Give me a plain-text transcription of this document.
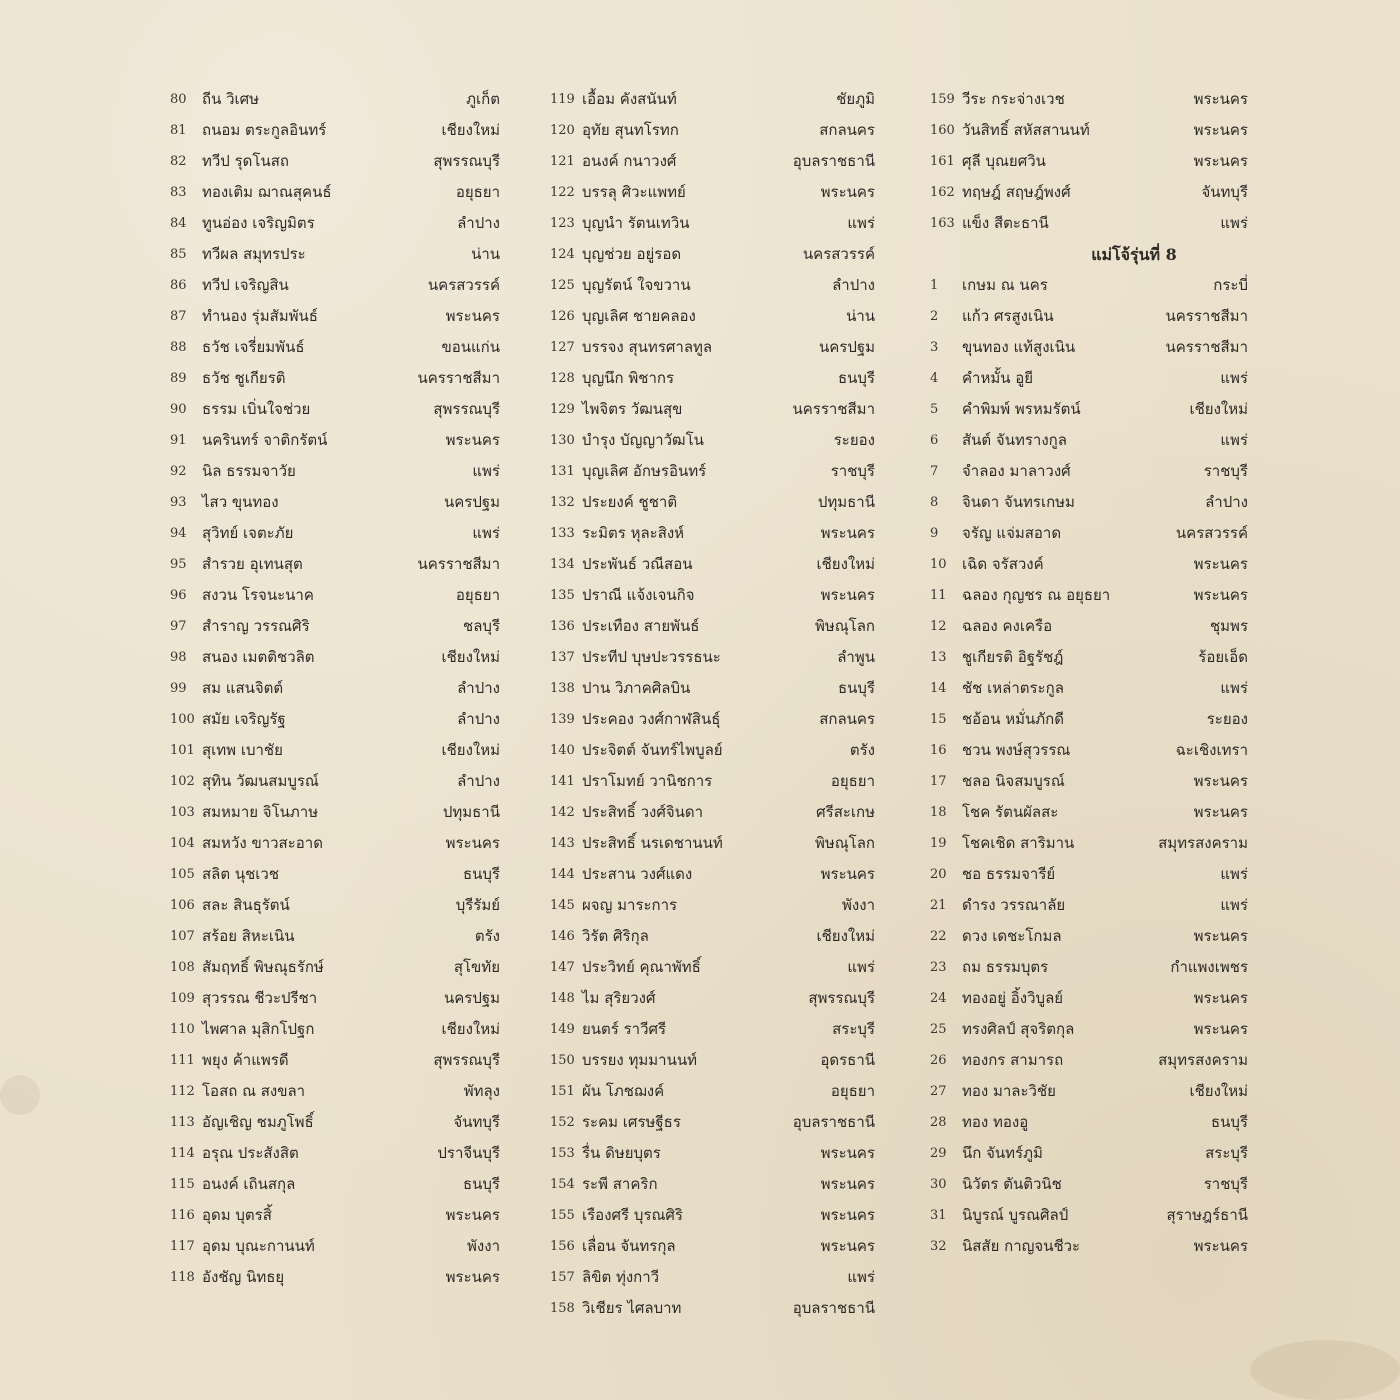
80	ถีน วิเศษ	ภูเก็ต
81	ถนอม ตระกูลอินทร์	เชียงใหม่
82	ทวีป รุดโนสถ	สุพรรณบุรี
83	ทองเติม ฌาณสุคนธ์	อยุธยา
84	ทูนอ่อง เจริญมิตร	ลำปาง
85	ทวีผล สมุทรประ	น่าน
86	ทวีป เจริญสิน	นครสวรรค์
87	ทำนอง รุ่มสัมพันธ์	พระนคร
88	ธวัช เจรี่ยมพันธ์	ขอนแก่น
89	ธวัช ชูเกียรติ	นครราชสีมา
90	ธรรม เบิ่นใจช่วย	สุพรรณบุรี
91	นครินทร์ จาติกรัตน์	พระนคร
92	นิล ธรรมจาวัย	แพร่
93	ไสว ขุนทอง	นครปฐม
94	สุวิทย์ เจตะภัย	แพร่
95	สำรวย อุเทนสุต	นครราชสีมา
96	สงวน โรจนะนาค	อยุธยา
97	สำราญ วรรณศิริ	ชลบุรี
98	สนอง เมตติชวลิต	เชียงใหม่
99	สม แสนจิตต์	ลำปาง
100 สมัย เจริญรัฐ	ลำปาง
101 สุเทพ เบาชัย	เชียงใหม่
102 สุทิน วัฒนสมบูรณ์	ลำปาง
103 สมหมาย จิโนภาษ	ปทุมธานี
104 สมหวัง ขาวสะอาด	พระนคร
105 สลิต นุชเวช	ธนบุรี
106 สละ สินธุรัตน์	บุรีรัมย์
107 สร้อย สิหะเนิน	ตรัง
108 สัมฤทธิ์ พิษณุธรักษ์	สุโขทัย
109 สุวรรณ ชีวะปรีชา	นครปฐม
110 ไพศาล มุสิกโปฐก	เชียงใหม่
111 พยุง ค้าแพรดี	สุพรรณบุรี
112 โอสถ ณ สงขลา	พัทลุง
113 อัญเชิญ ชมภูโพธิ์	จันทบุรี
114 อรุณ ประสังสิต	ปราจีนบุรี
115 อนงค์ เถินสกุล	ธนบุรี
116 อุดม บุตรสิ้	พระนคร
117 อุดม บุณะกานนท์	พังงา
118 อังชัญ นิทธยุ	พระนคร
119 เอื้อม คังสนันท์	ชัยภูมิ
120 อุทัย สุนทโรทก	สกลนคร
121 อนงค์ กนาวงศ์	อุบลราชธานี
122 บรรลุ ศิวะแพทย์	พระนคร
123 บุญนำ รัตนเทวิน	แพร่
124 บุญช่วย อยู่รอด	นครสวรรค์
125 บุญรัตน์ ใจขวาน	ลำปาง
126 บุญเลิศ ชายคลอง	น่าน
127 บรรจง สุนทรศาลทูล	นครปฐม
128 บุญนึก พิชากร	ธนบุรี
129 ไพจิตร วัฒนสุข	นครราชสีมา
130 บำรุง บัญญาวัฒโน	ระยอง
131 บุญเลิศ อักษรอินทร์	ราชบุรี
132 ประยงค์ ชูชาติ	ปทุมธานี
133 ระมิตร หุละสิงห์	พระนคร
134 ประพันธ์ วณีสอน	เชียงใหม่
135 ปราณี แจ้งเจนกิจ	พระนคร
136 ประเทือง สายพันธ์	พิษณุโลก
137 ประทีป บุษปะวรรธนะ	ลำพูน
138 ปาน วิภาคศิลบิน	ธนบุรี
139 ประคอง วงศ์กาฬสินธุ์	สกลนคร
140 ประจิตต์ จันทร์ไพบูลย์	ตรัง
141 ปราโมทย์ วานิชการ	อยุธยา
142 ประสิทธิ์ วงศ์จินดา	ศรีสะเกษ
143 ประสิทธิ์ นรเดชานนท์	พิษณุโลก
144 ประสาน วงศ์แดง	พระนคร
145 ผจญ มาระการ	พังงา
146 วิรัต ศิริกุล	เชียงใหม่
147 ประวิทย์ คุณาพัทธิ์	แพร่
148 ไม สุริยวงศ์	สุพรรณบุรี
149 ยนตร์ ราวีศรี	สระบุรี
150 บรรยง ทุมมานนท์	อุดรธานี
151 ผัน โภชฌงค์	อยุธยา
152 ระคม เศรษฐีธร	อุบลราชธานี
153 รื่น ดิษยบุตร	พระนคร
154 ระพี สาคริก	พระนคร
155 เรืองศรี บุรณศิริ	พระนคร
156 เลื่อน จันทรกุล	พระนคร
157 ลิขิต ทุ่งกาวี	แพร่
158 วิเชียร ไศลบาท	อุบลราชธานี
159 วีระ กระจ่างเวช	พระนคร
160 วันสิทธิ์ สหัสสานนท์	พระนคร
161 ศุลี บุณยศวิน	พระนคร
162 ทฤษฎ์ สฤษฎ์พงศ์	จันทบุรี
163 แข็ง สีตะธานี	แพร่
แม่โจ้รุ่นที่ 8
1	เกษม ณ นคร	กระบี่
2	แก้ว ศรสูงเนิน	นครราชสีมา
3	ขุนทอง แท้สูงเนิน	นครราชสีมา
4	คำหมั้น อูยี	แพร่
5	คำพิมพ์ พรหมรัตน์	เชียงใหม่
6	สันต์ จันทรางกูล	แพร่
7	จำลอง มาลาวงศ์	ราชบุรี
8	จินดา จันทรเกษม	ลำปาง
9	จรัญ แจ่มสอาด	นครสวรรค์
10	เฉิด จรัสวงค์	พระนคร
11	ฉลอง กุญชร ณ อยุธยา	พระนคร
12	ฉลอง คงเครือ	ชุมพร
13	ชูเกียรติ อิฐรัชฎ์	ร้อยเอ็ด
14	ชัช เหล่าตระกูล	แพร่
15	ชอ้อน หมั่นภักดี	ระยอง
16	ชวน พงษ์สุวรรณ	ฉะเชิงเทรา
17	ชลอ นิจสมบูรณ์	พระนคร
18	โชค รัตนผัลสะ	พระนคร
19	โชคเชิด สาริมาน	สมุทรสงคราม
20	ชอ ธรรมจารีย์	แพร่
21	ดำรง วรรณาลัย	แพร่
22	ดวง เดชะโกมล	พระนคร
23	ถม ธรรมบุตร	กำแพงเพชร
24	ทองอยู่ อิ้งวิบูลย์	พระนคร
25	ทรงศิลป์ สุจริตกุล	พระนคร
26	ทองกร สามารถ	สมุทรสงคราม
27	ทอง มาละวิชัย	เชียงใหม่
28	ทอง ทองอู	ธนบุรี
29	นึก จันทร์ภูมิ	สระบุรี
30	นิวัตร ตันติวนิช	ราชบุรี
31	นิบูรณ์ บูรณศิลป์	สุราษฎร์ธานี
32	นิสสัย กาญจนชีวะ	พระนคร
